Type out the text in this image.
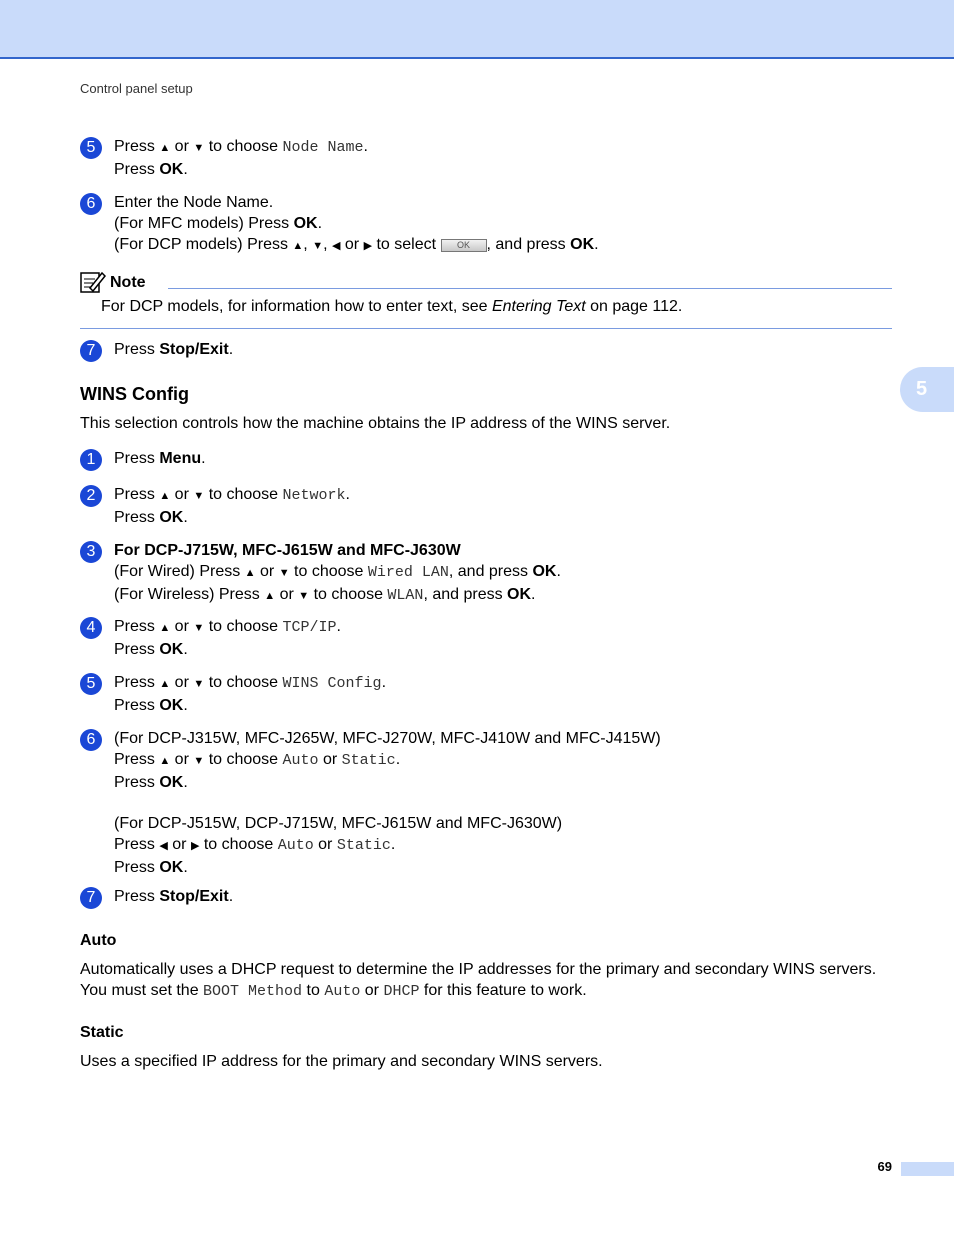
Control panel setup
5
5	Press ▲ or ▼ to choose Node Name.
Press OK.
6	Enter the Node Name.
(For MFC models) Press OK.
(For DCP models) Press ▲, ▼, ◀ or ▶ to select OK , and press OK.
Note
For DCP models, for information how to enter text, see Entering Text on page 112.
7	Press Stop/Exit.
WINS Config
This selection controls how the machine obtains the IP address of the WINS server.
1	Press Menu.
2	Press ▲ or ▼ to choose Network.
Press OK.
3	For DCP-J715W, MFC-J615W and MFC-J630W
(For Wired) Press ▲ or ▼ to choose Wired LAN, and press OK.
(For Wireless) Press ▲ or ▼ to choose WLAN, and press OK.
4	Press ▲ or ▼ to choose TCP/IP.
Press OK.
5	Press ▲ or ▼ to choose WINS Config.
Press OK.
6	(For DCP-J315W, MFC-J265W, MFC-J270W, MFC-J410W and MFC-J415W)
Press ▲ or ▼ to choose Auto or Static.
Press OK.

(For DCP-J515W, DCP-J715W, MFC-J615W and MFC-J630W)
Press ◀ or ▶ to choose Auto or Static.
Press OK.
7	Press Stop/Exit.
Auto
Automatically uses a DHCP request to determine the IP addresses for the primary and secondary WINS servers. You must set the BOOT Method to Auto or DHCP for this feature to work.
Static
Uses a specified IP address for the primary and secondary WINS servers.
69
